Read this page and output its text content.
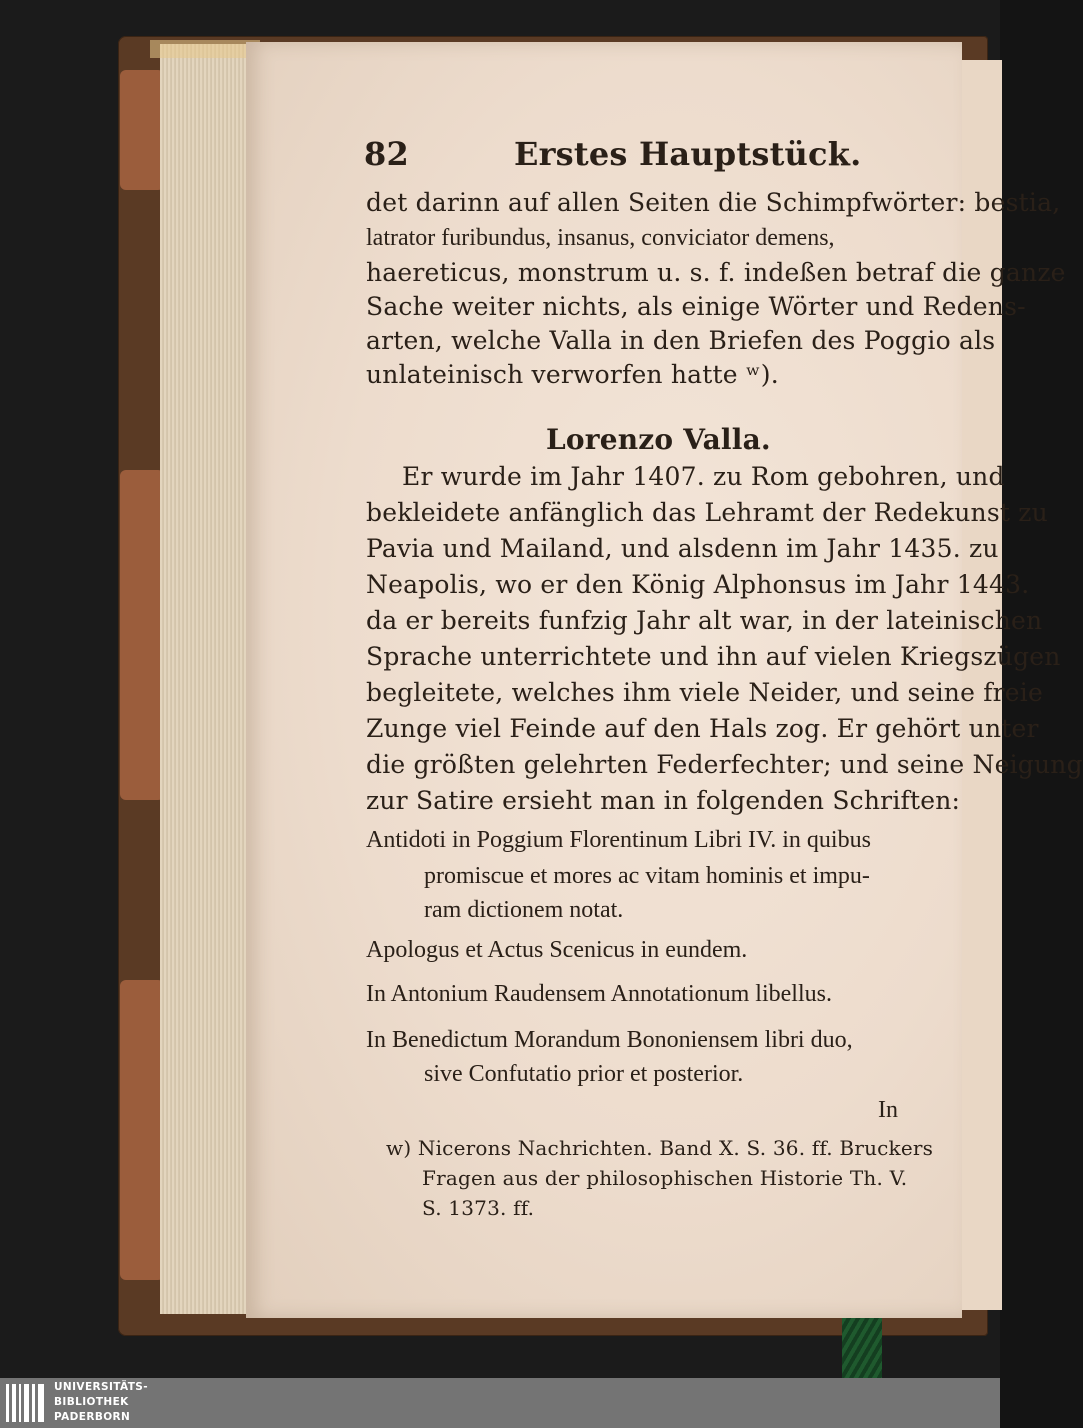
82	Erstes Hauptstück.
det darinn auf allen Seiten die Schimpfwörter: bestia,
latrator furibundus, insanus, conviciator demens,
haereticus, monstrum u. s. f. indeßen betraf die ganze
Sache weiter nichts, als einige Wörter und Redens-
arten, welche Valla in den Briefen des Poggio als
unlateinisch verworfen hatte ʷ).
Lorenzo Valla.
Er wurde im Jahr 1407. zu Rom gebohren, und
bekleidete anfänglich das Lehramt der Redekunst zu
Pavia und Mailand, und alsdenn im Jahr 1435. zu
Neapolis, wo er den König Alphonsus im Jahr 1443.
da er bereits funfzig Jahr alt war, in der lateinischen
Sprache unterrichtete und ihn auf vielen Kriegszügen
begleitete, welches ihm viele Neider, und seine freie
Zunge viel Feinde auf den Hals zog. Er gehört unter
die größten gelehrten Federfechter; und seine Neigung
zur Satire ersieht man in folgenden Schriften:
Antidoti in Poggium Florentinum Libri IV. in quibus
promiscue et mores ac vitam hominis et impu-
ram dictionem notat.
Apologus et Actus Scenicus in eundem.
In Antonium Raudensem Annotationum libellus.
In Benedictum Morandum Bononiensem libri duo,
sive Confutatio prior et posterior.
In
w) Nicerons Nachrichten. Band X. S. 36. ff. Bruckers
Fragen aus der philosophischen Historie Th. V.
S. 1373. ff.
UNIVERSITÄTS-
BIBLIOTHEK
PADERBORN
